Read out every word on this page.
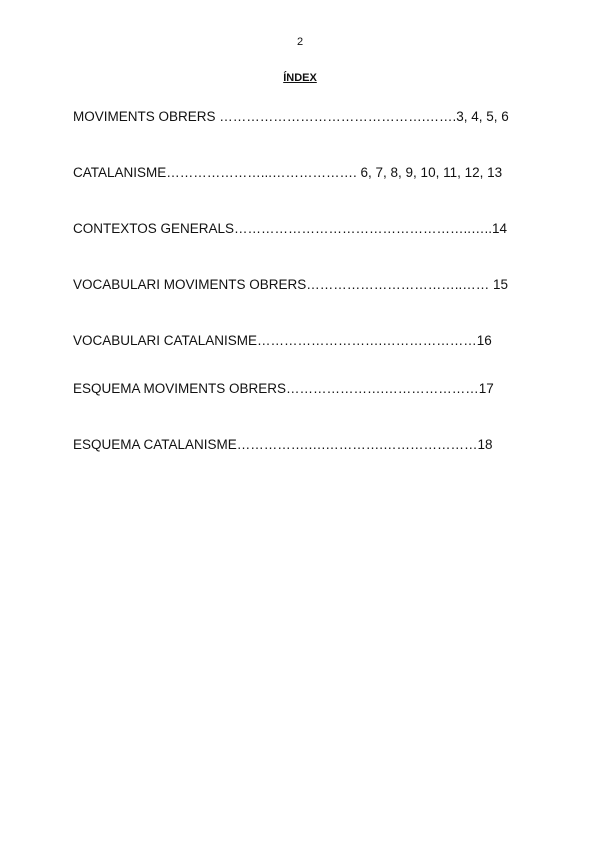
2
ÍNDEX
MOVIMENTS OBRERS ……………………………………….…….3, 4, 5, 6
CATALANISME…………………...………………. 6, 7, 8, 9, 10, 11, 12, 13
CONTEXTOS GENERALS……………………………………………..…..14
VOCABULARI MOVIMENTS OBRERS……………………………..…… 15
VOCABULARI CATALANISME……………………….…………………16
ESQUEMA MOVIMENTS OBRERS………………….…………………17
ESQUEMA CATALANISME…………….….………….…………………18
